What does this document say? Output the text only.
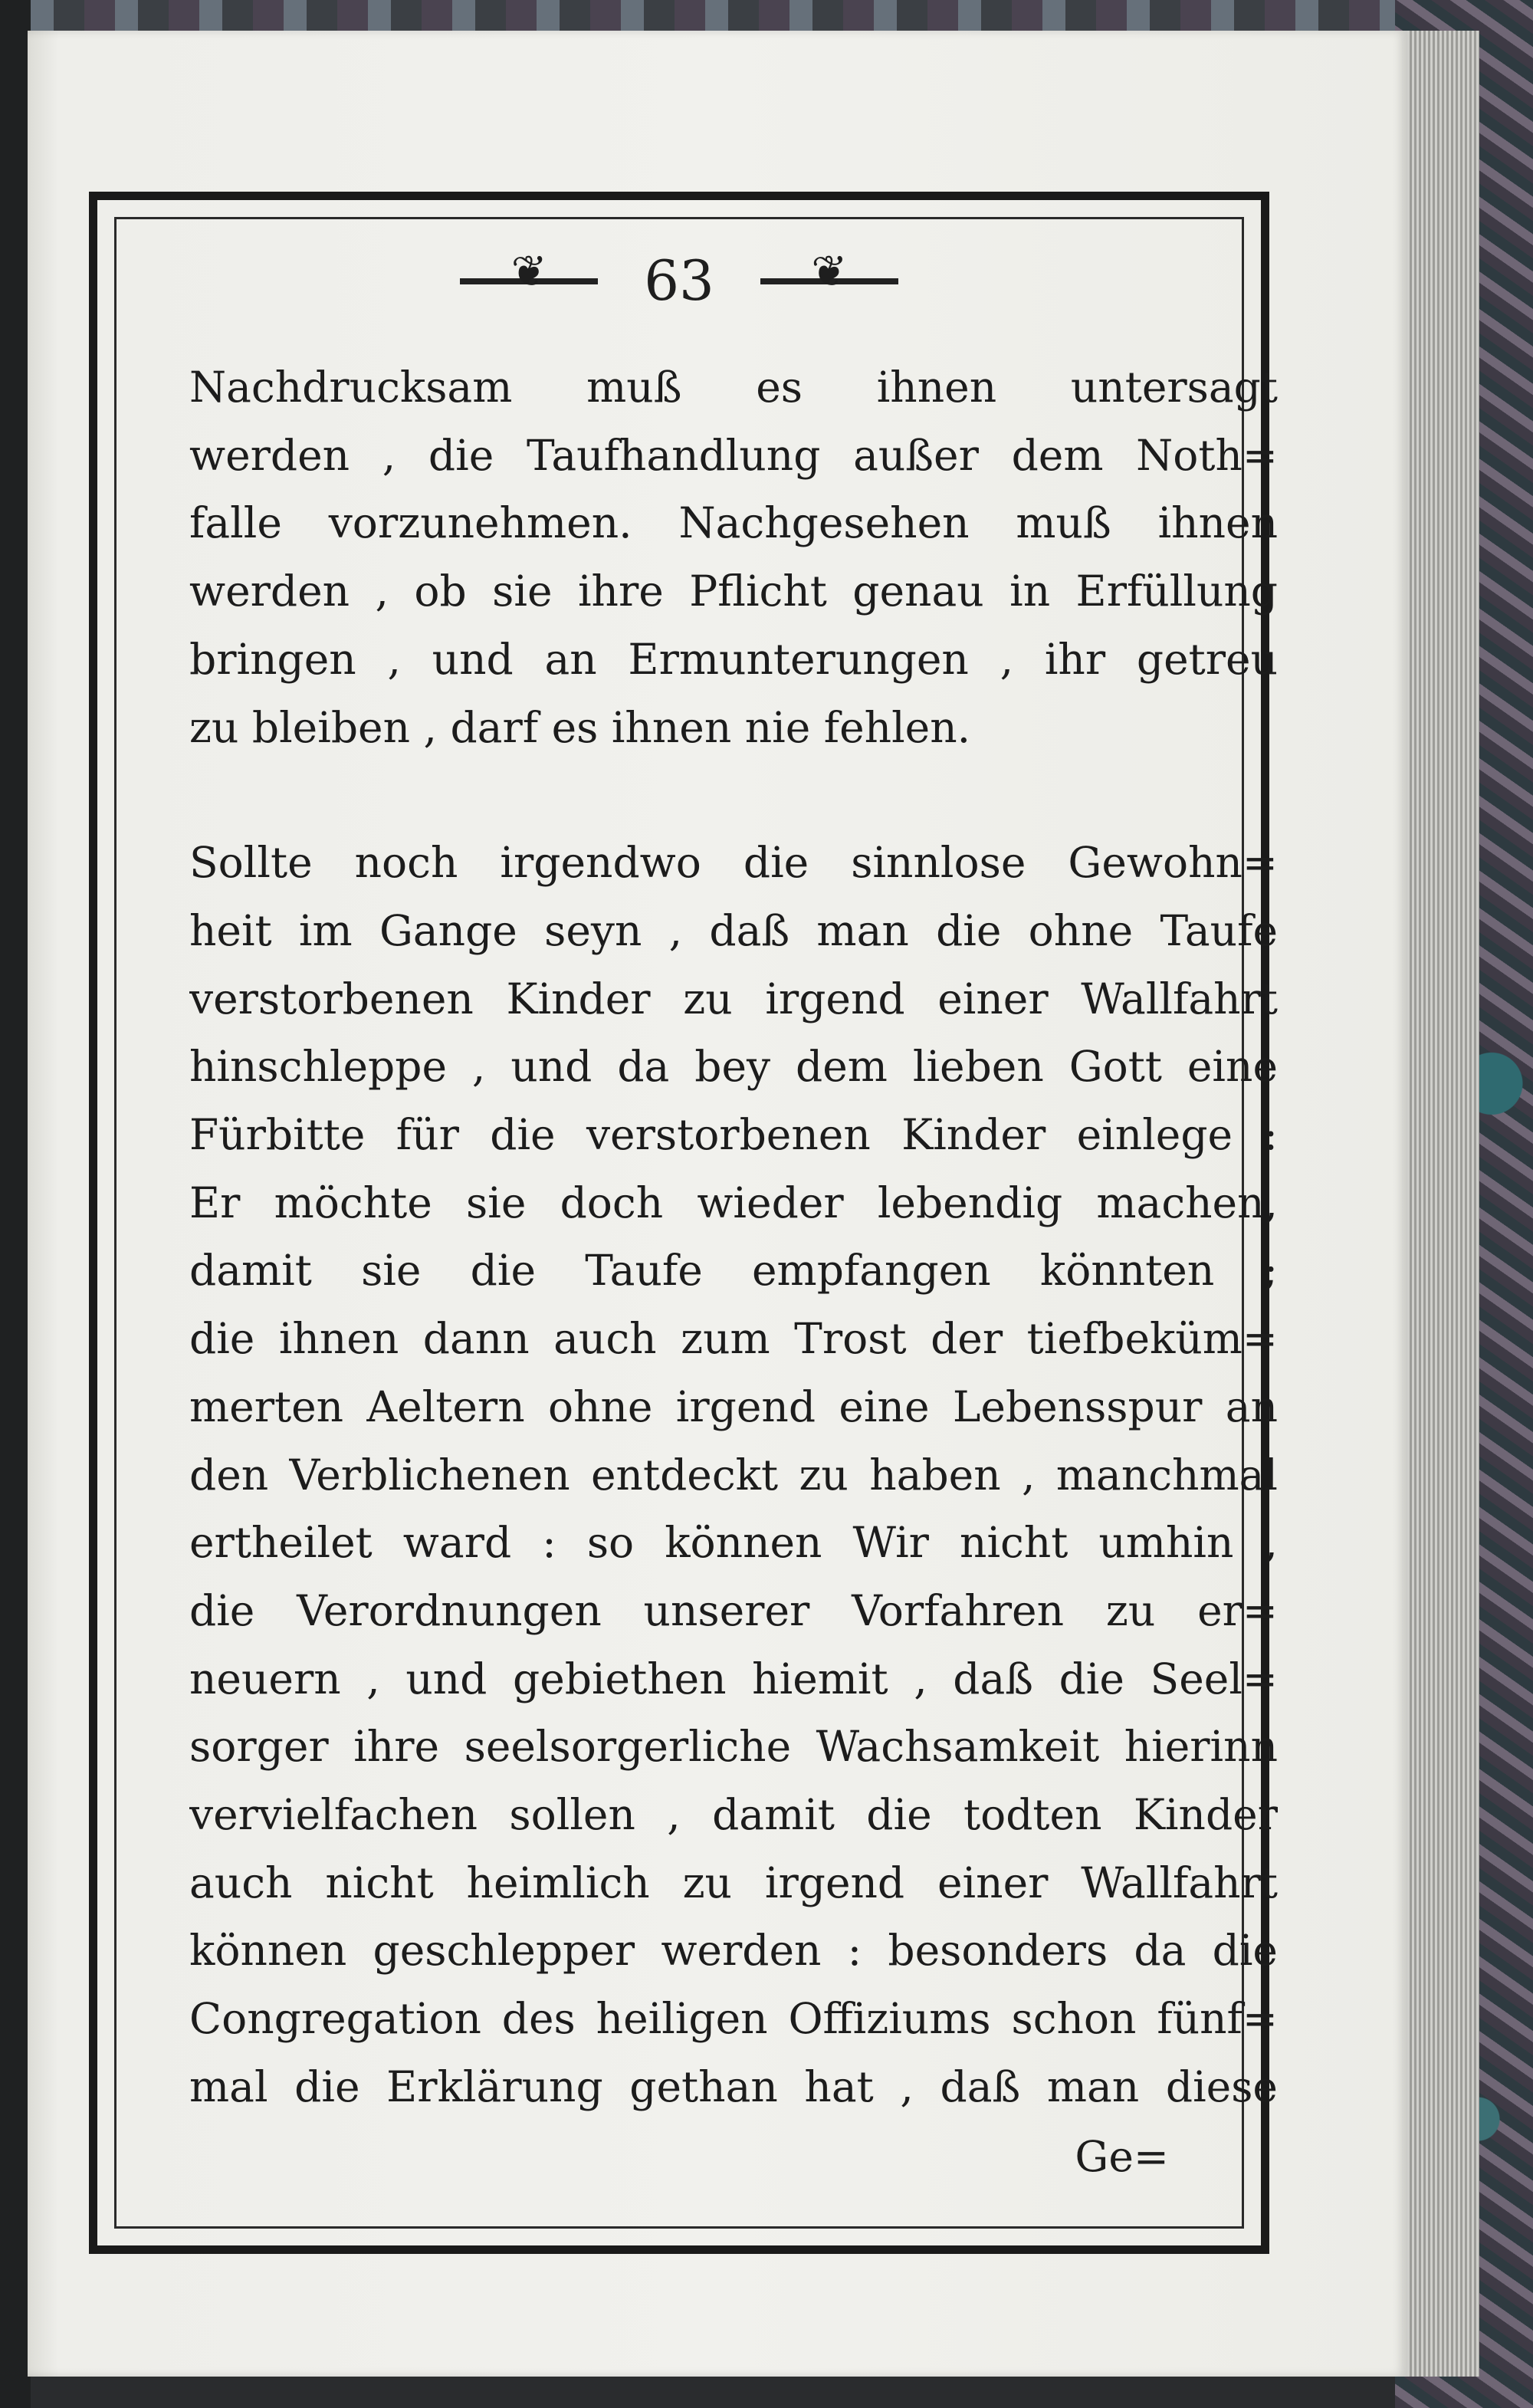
❦
63
❦
Nachdrucksam muß es ihnen untersagt
werden , die Taufhandlung außer dem Noth=
falle vorzunehmen. Nachgesehen muß ihnen
werden , ob sie ihre Pflicht genau in Erfüllung
bringen , und an Ermunterungen , ihr getreu
zu bleiben , darf es ihnen nie fehlen.
Sollte noch irgendwo die sinnlose Gewohn=
heit im Gange seyn , daß man die ohne Taufe
verstorbenen Kinder zu irgend einer Wallfahrt
hinschleppe , und da bey dem lieben Gott eine
Fürbitte für die verstorbenen Kinder einlege :
Er möchte sie doch wieder lebendig machen,
damit sie die Taufe empfangen könnten ;
die ihnen dann auch zum Trost der tiefbeküm=
merten Aeltern ohne irgend eine Lebensspur an
den Verblichenen entdeckt zu haben , manchmal
ertheilet ward : so können Wir nicht umhin ,
die Verordnungen unserer Vorfahren zu er=
neuern , und gebiethen hiemit , daß die Seel=
sorger ihre seelsorgerliche Wachsamkeit hierinn
vervielfachen sollen , damit die todten Kinder
auch nicht heimlich zu irgend einer Wallfahrt
können geschlepper werden : besonders da die
Congregation des heiligen Offiziums schon fünf=
mal die Erklärung gethan hat , daß man diese
Ge=
